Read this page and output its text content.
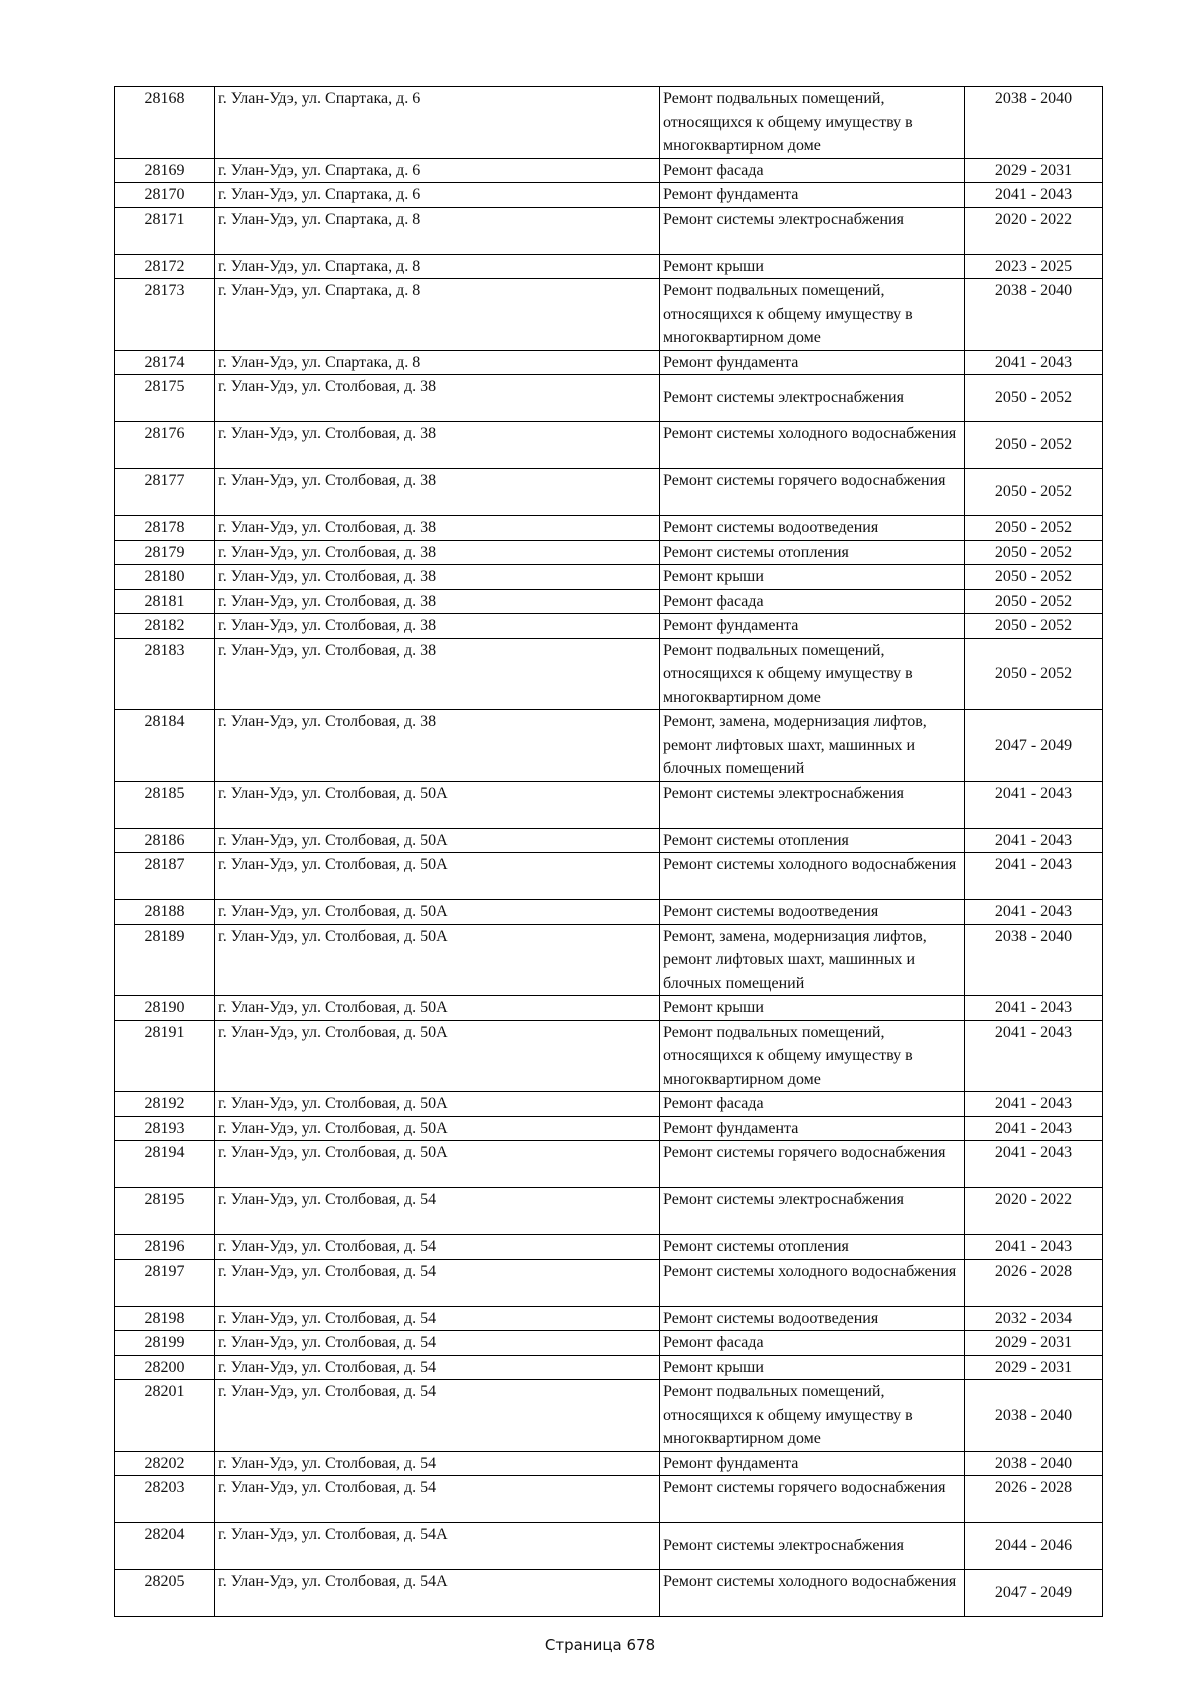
28168	г. Улан-Удэ, ул. Спартака, д. 6	Ремонт подвальных помещений, относящихся к общему имуществу в многоквартирном доме	2038 - 2040
28169	г. Улан-Удэ, ул. Спартака, д. 6	Ремонт фасада	2029 - 2031
28170	г. Улан-Удэ, ул. Спартака, д. 6	Ремонт фундамента	2041 - 2043
28171	г. Улан-Удэ, ул. Спартака, д. 8	Ремонт системы электроснабжения	2020 - 2022
28172	г. Улан-Удэ, ул. Спартака, д. 8	Ремонт крыши	2023 - 2025
28173	г. Улан-Удэ, ул. Спартака, д. 8	Ремонт подвальных помещений, относящихся к общему имуществу в многоквартирном доме	2038 - 2040
28174	г. Улан-Удэ, ул. Спартака, д. 8	Ремонт фундамента	2041 - 2043
28175	г. Улан-Удэ, ул. Столбовая, д. 38	Ремонт системы электроснабжения	2050 - 2052
28176	г. Улан-Удэ, ул. Столбовая, д. 38	Ремонт системы холодного водоснабжения	2050 - 2052
28177	г. Улан-Удэ, ул. Столбовая, д. 38	Ремонт системы горячего водоснабжения	2050 - 2052
28178	г. Улан-Удэ, ул. Столбовая, д. 38	Ремонт системы водоотведения	2050 - 2052
28179	г. Улан-Удэ, ул. Столбовая, д. 38	Ремонт системы отопления	2050 - 2052
28180	г. Улан-Удэ, ул. Столбовая, д. 38	Ремонт крыши	2050 - 2052
28181	г. Улан-Удэ, ул. Столбовая, д. 38	Ремонт фасада	2050 - 2052
28182	г. Улан-Удэ, ул. Столбовая, д. 38	Ремонт фундамента	2050 - 2052
28183	г. Улан-Удэ, ул. Столбовая, д. 38	Ремонт подвальных помещений, относящихся к общему имуществу в многоквартирном доме	2050 - 2052
28184	г. Улан-Удэ, ул. Столбовая, д. 38	Ремонт, замена, модернизация лифтов, ремонт лифтовых шахт, машинных и блочных помещений	2047 - 2049
28185	г. Улан-Удэ, ул. Столбовая, д. 50А	Ремонт системы электроснабжения	2041 - 2043
28186	г. Улан-Удэ, ул. Столбовая, д. 50А	Ремонт системы отопления	2041 - 2043
28187	г. Улан-Удэ, ул. Столбовая, д. 50А	Ремонт системы холодного водоснабжения	2041 - 2043
28188	г. Улан-Удэ, ул. Столбовая, д. 50А	Ремонт системы водоотведения	2041 - 2043
28189	г. Улан-Удэ, ул. Столбовая, д. 50А	Ремонт, замена, модернизация лифтов, ремонт лифтовых шахт, машинных и блочных помещений	2038 - 2040
28190	г. Улан-Удэ, ул. Столбовая, д. 50А	Ремонт крыши	2041 - 2043
28191	г. Улан-Удэ, ул. Столбовая, д. 50А	Ремонт подвальных помещений, относящихся к общему имуществу в многоквартирном доме	2041 - 2043
28192	г. Улан-Удэ, ул. Столбовая, д. 50А	Ремонт фасада	2041 - 2043
28193	г. Улан-Удэ, ул. Столбовая, д. 50А	Ремонт фундамента	2041 - 2043
28194	г. Улан-Удэ, ул. Столбовая, д. 50А	Ремонт системы горячего водоснабжения	2041 - 2043
28195	г. Улан-Удэ, ул. Столбовая, д. 54	Ремонт системы электроснабжения	2020 - 2022
28196	г. Улан-Удэ, ул. Столбовая, д. 54	Ремонт системы отопления	2041 - 2043
28197	г. Улан-Удэ, ул. Столбовая, д. 54	Ремонт системы холодного водоснабжения	2026 - 2028
28198	г. Улан-Удэ, ул. Столбовая, д. 54	Ремонт системы водоотведения	2032 - 2034
28199	г. Улан-Удэ, ул. Столбовая, д. 54	Ремонт фасада	2029 - 2031
28200	г. Улан-Удэ, ул. Столбовая, д. 54	Ремонт крыши	2029 - 2031
28201	г. Улан-Удэ, ул. Столбовая, д. 54	Ремонт подвальных помещений, относящихся к общему имуществу в многоквартирном доме	2038 - 2040
28202	г. Улан-Удэ, ул. Столбовая, д. 54	Ремонт фундамента	2038 - 2040
28203	г. Улан-Удэ, ул. Столбовая, д. 54	Ремонт системы горячего водоснабжения	2026 - 2028
28204	г. Улан-Удэ, ул. Столбовая, д. 54А	Ремонт системы электроснабжения	2044 - 2046
28205	г. Улан-Удэ, ул. Столбовая, д. 54А	Ремонт системы холодного водоснабжения	2047 - 2049
Страница 678
